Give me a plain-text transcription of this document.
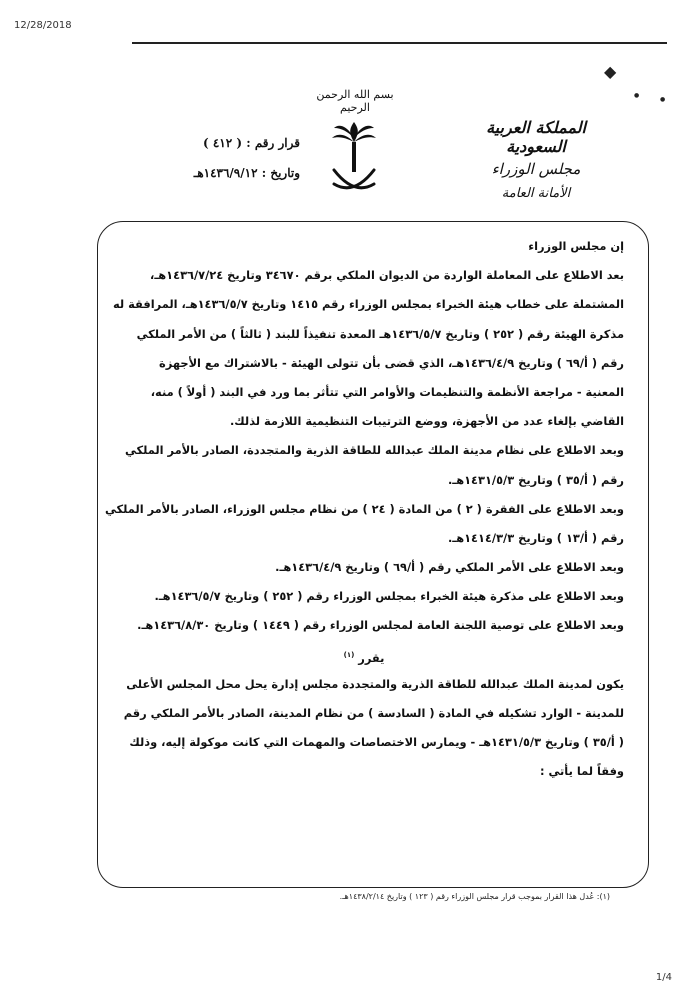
12/28/2018
◆
●
●
بسم الله الرحمن الرحيم
المملكة العربية السعودية
مجلس الوزراء
الأمانة العامة
قرار رقم : ( ٤١٢ )
وتاريخ : ١٤٣٦/٩/١٢هـ
إن مجلس الوزراء
بعد الاطلاع على المعاملة الواردة من الديوان الملكي برقم ٣٤٦٧٠ وتاريخ ١٤٣٦/٧/٢٤هـ،
المشتملة على خطاب هيئة الخبراء بمجلس الوزراء رقم ١٤١٥ وتاريخ ١٤٣٦/٥/٧هـ، المرافقة له
مذكرة الهيئة رقم ( ٢٥٢ ) وتاريخ ١٤٣٦/٥/٧هـ المعدة تنفيذاً للبند ( ثالثاً ) من الأمر الملكي
رقم ( أ/٦٩ ) وتاريخ ١٤٣٦/٤/٩هـ، الذي قضى بأن تتولى الهيئة - بالاشتراك مع الأجهزة
المعنية - مراجعة الأنظمة والتنظيمات والأوامر التي تتأثر بما ورد في البند ( أولاً ) منه،
القاضي بإلغاء عدد من الأجهزة، ووضع الترتيبات التنظيمية اللازمة لذلك.
وبعد الاطلاع على نظام مدينة الملك عبدالله للطاقة الذرية والمتجددة، الصادر بالأمر الملكي
رقم ( أ/٣٥ ) وتاريخ ١٤٣١/٥/٣هـ.
وبعد الاطلاع على الفقرة ( ٢ ) من المادة ( ٢٤ ) من نظام مجلس الوزراء، الصادر بالأمر الملكي
رقم ( أ/١٣ ) وتاريخ ١٤١٤/٣/٣هـ.
وبعد الاطلاع على الأمر الملكي رقم ( أ/٦٩ ) وتاريخ ١٤٣٦/٤/٩هـ.
وبعد الاطلاع على مذكرة هيئة الخبراء بمجلس الوزراء رقم ( ٢٥٢ ) وتاريخ ١٤٣٦/٥/٧هـ.
وبعد الاطلاع على توصية اللجنة العامة لمجلس الوزراء رقم ( ١٤٤٩ ) وتاريخ ١٤٣٦/٨/٣٠هـ.
يقرر $^{(١)}$
يكون لمدينة الملك عبدالله للطاقة الذرية والمتجددة مجلس إدارة يحل محل المجلس الأعلى
للمدينة - الوارد تشكيله في المادة ( السادسة ) من نظام المدينة، الصادر بالأمر الملكي رقم
( أ/٣٥ ) وتاريخ ١٤٣١/٥/٣هـ - ويمارس الاختصاصات والمهمات التي كانت موكولة إليه، وذلك
وفقاً لما يأتي :
(١): عُدل هذا القرار بموجب قرار مجلس الوزراء رقم ( ١٢٣ ) وتاريخ ١٤٣٨/٢/١٤هـ.
1/4
